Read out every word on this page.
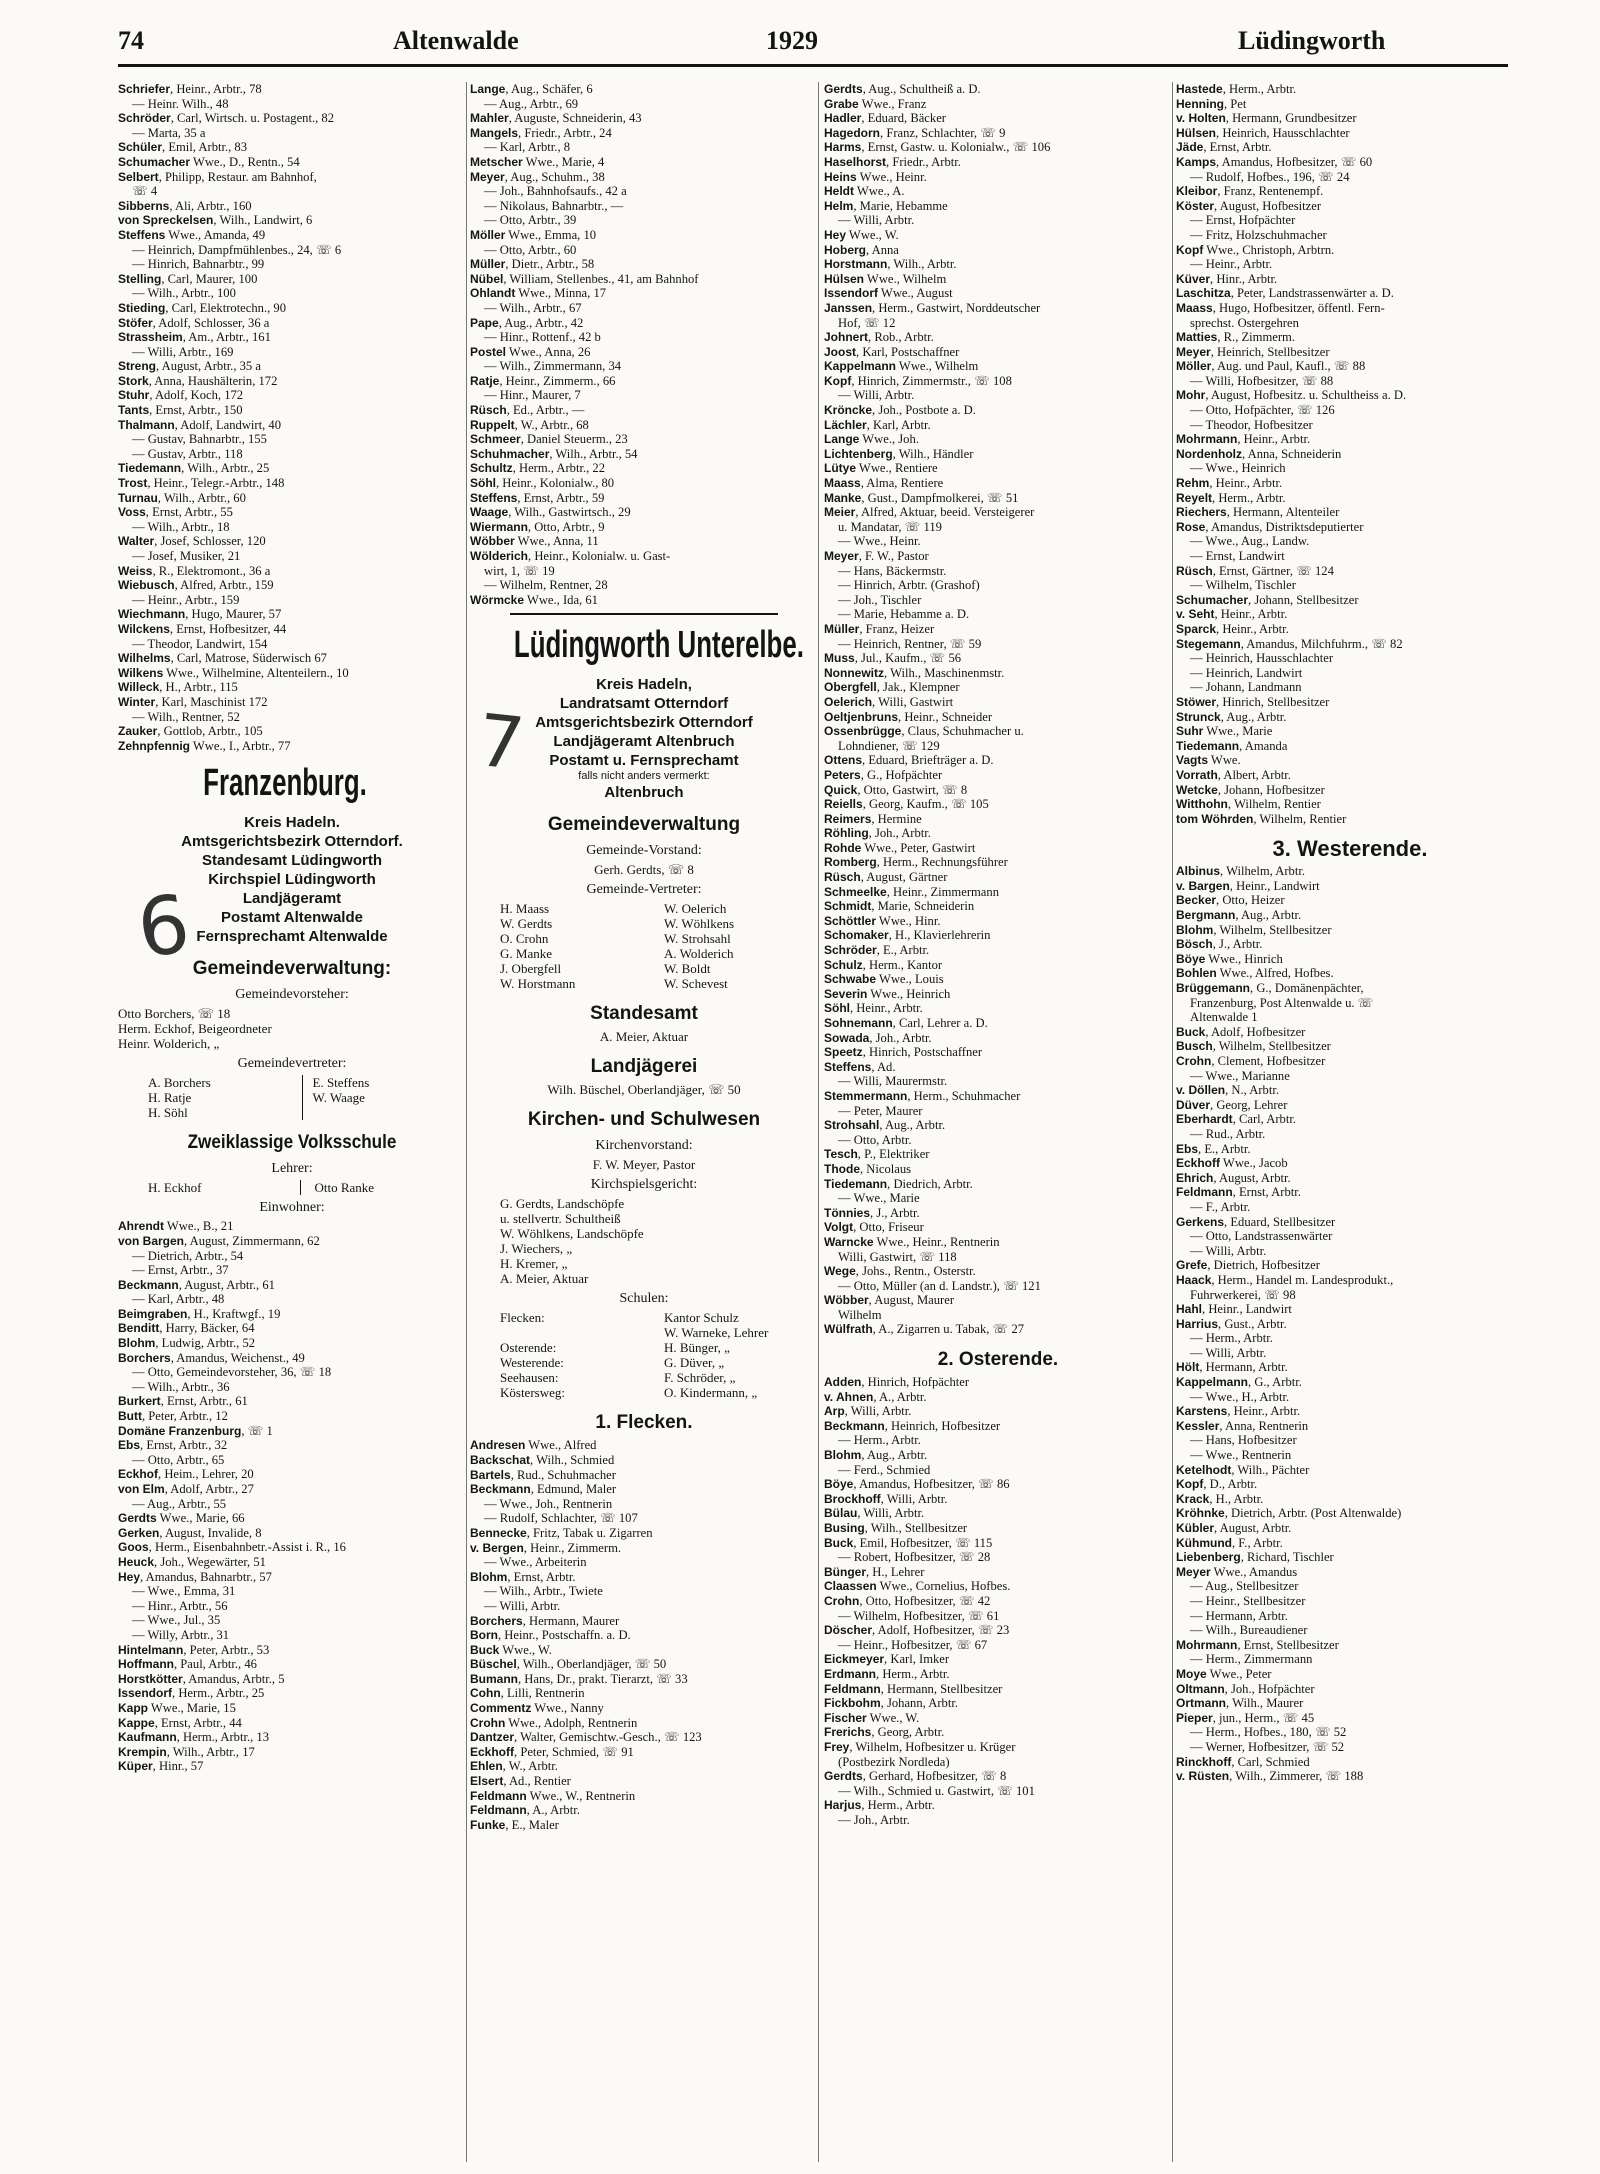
74	Altenwalde	1929	Lüdingworth
Schriefer, Heinr., Arbtr., 78
— Heinr. Wilh., 48
Schröder, Carl, Wirtsch. u. Postagent., 82
— Marta, 35 a
Schüler, Emil, Arbtr., 83
Schumacher Wwe., D., Rentn., 54
Selbert, Philipp, Restaur. am Bahnhof,
☏ 4
Sibberns, Ali, Arbtr., 160
von Spreckelsen, Wilh., Landwirt, 6
Steffens Wwe., Amanda, 49
— Heinrich, Dampfmühlenbes., 24, ☏ 6
— Hinrich, Bahnarbtr., 99
Stelling, Carl, Maurer, 100
— Wilh., Arbtr., 100
Stieding, Carl, Elektrotechn., 90
Stöfer, Adolf, Schlosser, 36 a
Strassheim, Am., Arbtr., 161
— Willi, Arbtr., 169
Streng, August, Arbtr., 35 a
Stork, Anna, Haushälterin, 172
Stuhr, Adolf, Koch, 172
Tants, Ernst, Arbtr., 150
Thalmann, Adolf, Landwirt, 40
— Gustav, Bahnarbtr., 155
— Gustav, Arbtr., 118
Tiedemann, Wilh., Arbtr., 25
Trost, Heinr., Telegr.-Arbtr., 148
Turnau, Wilh., Arbtr., 60
Voss, Ernst, Arbtr., 55
— Wilh., Arbtr., 18
Walter, Josef, Schlosser, 120
— Josef, Musiker, 21
Weiss, R., Elektromont., 36 a
Wiebusch, Alfred, Arbtr., 159
— Heinr., Arbtr., 159
Wiechmann, Hugo, Maurer, 57
Wilckens, Ernst, Hofbesitzer, 44
— Theodor, Landwirt, 154
Wilhelms, Carl, Matrose, Süderwisch 67
Wilkens Wwe., Wilhelmine, Altenteilern., 10
Willeck, H., Arbtr., 115
Winter, Karl, Maschinist 172
— Wilh., Rentner, 52
Zauker, Gottlob, Arbtr., 105
Zehnpfennig Wwe., I., Arbtr., 77
Franzenburg.
Kreis Hadeln.
Amtsgerichtsbezirk Otterndorf.
Standesamt Lüdingworth
Kirchspiel Lüdingworth
Landjägeramt
Postamt Altenwalde
Fernsprechamt Altenwalde
Gemeindeverwaltung:
Gemeindevorsteher:
Otto Borchers, ☏ 18
Herm. Eckhof, Beigeordneter
Heinr. Wolderich, „
Gemeindevertreter:
A. Borchers	E. Steffens
H. Ratje	W. Waage
H. Söhl
Zweiklassige Volksschule
Lehrer:
H. Eckhof	Otto Ranke
Einwohner:
Ahrendt Wwe., B., 21
von Bargen, August, Zimmermann, 62
— Dietrich, Arbtr., 54
— Ernst, Arbtr., 37
Beckmann, August, Arbtr., 61
— Karl, Arbtr., 48
Beimgraben, H., Kraftwgf., 19
Benditt, Harry, Bäcker, 64
Blohm, Ludwig, Arbtr., 52
Borchers, Amandus, Weichenst., 49
— Otto, Gemeindevorsteher, 36, ☏ 18
— Wilh., Arbtr., 36
Burkert, Ernst, Arbtr., 61
Butt, Peter, Arbtr., 12
Domäne Franzenburg, ☏ 1
Ebs, Ernst, Arbtr., 32
— Otto, Arbtr., 65
Eckhof, Heim., Lehrer, 20
von Elm, Adolf, Arbtr., 27
— Aug., Arbtr., 55
Gerdts Wwe., Marie, 66
Gerken, August, Invalide, 8
Goos, Herm., Eisenbahnbetr.-Assist i. R., 16
Heuck, Joh., Wegewärter, 51
Hey, Amandus, Bahnarbtr., 57
— Wwe., Emma, 31
— Hinr., Arbtr., 56
— Wwe., Jul., 35
— Willy, Arbtr., 31
Hintelmann, Peter, Arbtr., 53
Hoffmann, Paul, Arbtr., 46
Horstkötter, Amandus, Arbtr., 5
Issendorf, Herm., Arbtr., 25
Kapp Wwe., Marie, 15
Kappe, Ernst, Arbtr., 44
Kaufmann, Herm., Arbtr., 13
Krempin, Wilh., Arbtr., 17
Küper, Hinr., 57
Lange, Aug., Schäfer, 6
— Aug., Arbtr., 69
Mahler, Auguste, Schneiderin, 43
Mangels, Friedr., Arbtr., 24
— Karl, Arbtr., 8
Metscher Wwe., Marie, 4
Meyer, Aug., Schuhm., 38
— Joh., Bahnhofsaufs., 42 a
— Nikolaus, Bahnarbtr., —
— Otto, Arbtr., 39
Möller Wwe., Emma, 10
— Otto, Arbtr., 60
Müller, Dietr., Arbtr., 58
Nübel, William, Stellenbes., 41, am Bahnhof
Ohlandt Wwe., Minna, 17
— Wilh., Arbtr., 67
Pape, Aug., Arbtr., 42
— Hinr., Rottenf., 42 b
Postel Wwe., Anna, 26
— Wilh., Zimmermann, 34
Ratje, Heinr., Zimmerm., 66
— Hinr., Maurer, 7
Rüsch, Ed., Arbtr., —
Ruppelt, W., Arbtr., 68
Schmeer, Daniel Steuerm., 23
Schuhmacher, Wilh., Arbtr., 54
Schultz, Herm., Arbtr., 22
Söhl, Heinr., Kolonialw., 80
Steffens, Ernst, Arbtr., 59
Waage, Wilh., Gastwirtsch., 29
Wiermann, Otto, Arbtr., 9
Wöbber Wwe., Anna, 11
Wölderich, Heinr., Kolonialw. u. Gast-
wirt, 1, ☏ 19
— Wilhelm, Rentner, 28
Wörmcke Wwe., Ida, 61
Lüdingworth Unterelbe.
Kreis Hadeln,
Landratsamt Otterndorf
Amtsgerichtsbezirk Otterndorf
Landjägeramt Altenbruch
Postamt u. Fernsprechamt
falls nicht anders vermerkt:
Altenbruch
Gemeindeverwaltung
Gemeinde-Vorstand:
Gerh. Gerdts, ☏ 8
Gemeinde-Vertreter:
H. Maass	W. Oelerich
W. Gerdts	W. Wöhlkens
O. Crohn	W. Strohsahl
G. Manke	A. Wolderich
J. Obergfell	W. Boldt
W. Horstmann	W. Schevest
Standesamt
A. Meier, Aktuar
Landjägerei
Wilh. Büschel, Oberlandjäger, ☏ 50
Kirchen- und Schulwesen
Kirchenvorstand:
F. W. Meyer, Pastor
Kirchspielsgericht:
G. Gerdts, Landschöpfe
u. stellvertr. Schultheiß
W. Wöhlkens, Landschöpfe
J. Wiechers, „
H. Kremer, „
A. Meier, Aktuar
Schulen:
Flecken:	Kantor Schulz
W. Warneke, Lehrer
Osterende:	H. Bünger, „
Westerende:	G. Düver, „
Seehausen:	F. Schröder, „
Köstersweg:	O. Kindermann, „
1. Flecken.
Andresen Wwe., Alfred
Backschat, Wilh., Schmied
Bartels, Rud., Schuhmacher
Beckmann, Edmund, Maler
— Wwe., Joh., Rentnerin
— Rudolf, Schlachter, ☏ 107
Bennecke, Fritz, Tabak u. Zigarren
v. Bergen, Heinr., Zimmerm.
— Wwe., Arbeiterin
Blohm, Ernst, Arbtr.
— Wilh., Arbtr., Twiete
— Willi, Arbtr.
Borchers, Hermann, Maurer
Born, Heinr., Postschaffn. a. D.
Buck Wwe., W.
Büschel, Wilh., Oberlandjäger, ☏ 50
Bumann, Hans, Dr., prakt. Tierarzt, ☏ 33
Cohn, Lilli, Rentnerin
Commentz Wwe., Nanny
Crohn Wwe., Adolph, Rentnerin
Dantzer, Walter, Gemischtw.-Gesch., ☏ 123
Eckhoff, Peter, Schmied, ☏ 91
Ehlen, W., Arbtr.
Elsert, Ad., Rentier
Feldmann Wwe., W., Rentnerin
Feldmann, A., Arbtr.
Funke, E., Maler
Gerdts, Aug., Schultheiß a. D.
Grabe Wwe., Franz
Hadler, Eduard, Bäcker
Hagedorn, Franz, Schlachter, ☏ 9
Harms, Ernst, Gastw. u. Kolonialw., ☏ 106
Haselhorst, Friedr., Arbtr.
Heins Wwe., Heinr.
Heldt Wwe., A.
Helm, Marie, Hebamme
— Willi, Arbtr.
Hey Wwe., W.
Hoberg, Anna
Horstmann, Wilh., Arbtr.
Hülsen Wwe., Wilhelm
Issendorf Wwe., August
Janssen, Herm., Gastwirt, Norddeutscher
Hof, ☏ 12
Johnert, Rob., Arbtr.
Joost, Karl, Postschaffner
Kappelmann Wwe., Wilhelm
Kopf, Hinrich, Zimmermstr., ☏ 108
— Willi, Arbtr.
Kröncke, Joh., Postbote a. D.
Lächler, Karl, Arbtr.
Lange Wwe., Joh.
Lichtenberg, Wilh., Händler
Lütye Wwe., Rentiere
Maass, Alma, Rentiere
Manke, Gust., Dampfmolkerei, ☏ 51
Meier, Alfred, Aktuar, beeid. Versteigerer
u. Mandatar, ☏ 119
— Wwe., Heinr.
Meyer, F. W., Pastor
— Hans, Bäckermstr.
— Hinrich, Arbtr. (Grashof)
— Joh., Tischler
— Marie, Hebamme a. D.
Müller, Franz, Heizer
— Heinrich, Rentner, ☏ 59
Muss, Jul., Kaufm., ☏ 56
Nonnewitz, Wilh., Maschinenmstr.
Obergfell, Jak., Klempner
Oelerich, Willi, Gastwirt
Oeltjenbruns, Heinr., Schneider
Ossenbrügge, Claus, Schuhmacher u.
Lohndiener, ☏ 129
Ottens, Eduard, Briefträger a. D.
Peters, G., Hofpächter
Quick, Otto, Gastwirt, ☏ 8
Reiells, Georg, Kaufm., ☏ 105
Reimers, Hermine
Röhling, Joh., Arbtr.
Rohde Wwe., Peter, Gastwirt
Romberg, Herm., Rechnungsführer
Rüsch, August, Gärtner
Schmeelke, Heinr., Zimmermann
Schmidt, Marie, Schneiderin
Schöttler Wwe., Hinr.
Schomaker, H., Klavierlehrerin
Schröder, E., Arbtr.
Schulz, Herm., Kantor
Schwabe Wwe., Louis
Severin Wwe., Heinrich
Söhl, Heinr., Arbtr.
Sohnemann, Carl, Lehrer a. D.
Sowada, Joh., Arbtr.
Speetz, Hinrich, Postschaffner
Steffens, Ad.
— Willi, Maurermstr.
Stemmermann, Herm., Schuhmacher
— Peter, Maurer
Strohsahl, Aug., Arbtr.
— Otto, Arbtr.
Tesch, P., Elektriker
Thode, Nicolaus
Tiedemann, Diedrich, Arbtr.
— Wwe., Marie
Tönnies, J., Arbtr.
Volgt, Otto, Friseur
Warncke Wwe., Heinr., Rentnerin
Willi, Gastwirt, ☏ 118
Wege, Johs., Rentn., Osterstr.
— Otto, Müller (an d. Landstr.), ☏ 121
Wöbber, August, Maurer
Wilhelm
Wülfrath, A., Zigarren u. Tabak, ☏ 27
2. Osterende.
Adden, Hinrich, Hofpächter
v. Ahnen, A., Arbtr.
Arp, Willi, Arbtr.
Beckmann, Heinrich, Hofbesitzer
— Herm., Arbtr.
Blohm, Aug., Arbtr.
— Ferd., Schmied
Böye, Amandus, Hofbesitzer, ☏ 86
Brockhoff, Willi, Arbtr.
Bülau, Willi, Arbtr.
Busing, Wilh., Stellbesitzer
Buck, Emil, Hofbesitzer, ☏ 115
— Robert, Hofbesitzer, ☏ 28
Bünger, H., Lehrer
Claassen Wwe., Cornelius, Hofbes.
Crohn, Otto, Hofbesitzer, ☏ 42
— Wilhelm, Hofbesitzer, ☏ 61
Döscher, Adolf, Hofbesitzer, ☏ 23
— Heinr., Hofbesitzer, ☏ 67
Eickmeyer, Karl, Imker
Erdmann, Herm., Arbtr.
Feldmann, Hermann, Stellbesitzer
Fickbohm, Johann, Arbtr.
Fischer Wwe., W.
Frerichs, Georg, Arbtr.
Frey, Wilhelm, Hofbesitzer u. Krüger
(Postbezirk Nordleda)
Gerdts, Gerhard, Hofbesitzer, ☏ 8
— Wilh., Schmied u. Gastwirt, ☏ 101
Harjus, Herm., Arbtr.
— Joh., Arbtr.
Hastede, Herm., Arbtr.
Henning, Pet
v. Holten, Hermann, Grundbesitzer
Hülsen, Heinrich, Hausschlachter
Jäde, Ernst, Arbtr.
Kamps, Amandus, Hofbesitzer, ☏ 60
— Rudolf, Hofbes., 196, ☏ 24
Kleibor, Franz, Rentenempf.
Köster, August, Hofbesitzer
— Ernst, Hofpächter
— Fritz, Holzschuhmacher
Kopf Wwe., Christoph, Arbtrn.
— Heinr., Arbtr.
Küver, Hinr., Arbtr.
Laschitza, Peter, Landstrassenwärter a. D.
Maass, Hugo, Hofbesitzer, öffentl. Fern-
sprechst. Ostergehren
Matties, R., Zimmerm.
Meyer, Heinrich, Stellbesitzer
Möller, Aug. und Paul, Kaufl., ☏ 88
— Willi, Hofbesitzer, ☏ 88
Mohr, August, Hofbesitz. u. Schultheiss a. D.
— Otto, Hofpächter, ☏ 126
— Theodor, Hofbesitzer
Mohrmann, Heinr., Arbtr.
Nordenholz, Anna, Schneiderin
— Wwe., Heinrich
Rehm, Heinr., Arbtr.
Reyelt, Herm., Arbtr.
Riechers, Hermann, Altenteiler
Rose, Amandus, Distriktsdeputierter
— Wwe., Aug., Landw.
— Ernst, Landwirt
Rüsch, Ernst, Gärtner, ☏ 124
— Wilhelm, Tischler
Schumacher, Johann, Stellbesitzer
v. Seht, Heinr., Arbtr.
Sparck, Heinr., Arbtr.
Stegemann, Amandus, Milchfuhrm., ☏ 82
— Heinrich, Hausschlachter
— Heinrich, Landwirt
— Johann, Landmann
Stöwer, Hinrich, Stellbesitzer
Strunck, Aug., Arbtr.
Suhr Wwe., Marie
Tiedemann, Amanda
Vagts Wwe.
Vorrath, Albert, Arbtr.
Wetcke, Johann, Hofbesitzer
Witthohn, Wilhelm, Rentier
tom Wöhrden, Wilhelm, Rentier
3. Westerende.
Albinus, Wilhelm, Arbtr.
v. Bargen, Heinr., Landwirt
Becker, Otto, Heizer
Bergmann, Aug., Arbtr.
Blohm, Wilhelm, Stellbesitzer
Bösch, J., Arbtr.
Böye Wwe., Hinrich
Bohlen Wwe., Alfred, Hofbes.
Brüggemann, G., Domänenpächter,
Franzenburg, Post Altenwalde u. ☏
Altenwalde 1
Buck, Adolf, Hofbesitzer
Busch, Wilhelm, Stellbesitzer
Crohn, Clement, Hofbesitzer
— Wwe., Marianne
v. Döllen, N., Arbtr.
Düver, Georg, Lehrer
Eberhardt, Carl, Arbtr.
— Rud., Arbtr.
Ebs, E., Arbtr.
Eckhoff Wwe., Jacob
Ehrich, August, Arbtr.
Feldmann, Ernst, Arbtr.
— F., Arbtr.
Gerkens, Eduard, Stellbesitzer
— Otto, Landstrassenwärter
— Willi, Arbtr.
Grefe, Dietrich, Hofbesitzer
Haack, Herm., Handel m. Landesprodukt.,
Fuhrwerkerei, ☏ 98
Hahl, Heinr., Landwirt
Harrius, Gust., Arbtr.
— Herm., Arbtr.
— Willi, Arbtr.
Hölt, Hermann, Arbtr.
Kappelmann, G., Arbtr.
— Wwe., H., Arbtr.
Karstens, Heinr., Arbtr.
Kessler, Anna, Rentnerin
— Hans, Hofbesitzer
— Wwe., Rentnerin
Ketelhodt, Wilh., Pächter
Kopf, D., Arbtr.
Krack, H., Arbtr.
Kröhnke, Dietrich, Arbtr. (Post Altenwalde)
Kübler, August, Arbtr.
Kühmund, F., Arbtr.
Liebenberg, Richard, Tischler
Meyer Wwe., Amandus
— Aug., Stellbesitzer
— Heinr., Stellbesitzer
— Hermann, Arbtr.
— Wilh., Bureaudiener
Mohrmann, Ernst, Stellbesitzer
— Herm., Zimmermann
Moye Wwe., Peter
Oltmann, Joh., Hofpächter
Ortmann, Wilh., Maurer
Pieper, jun., Herm., ☏ 45
— Herm., Hofbes., 180, ☏ 52
— Werner, Hofbesitzer, ☏ 52
Rinckhoff, Carl, Schmied
v. Rüsten, Wilh., Zimmerer, ☏ 188
6
7
